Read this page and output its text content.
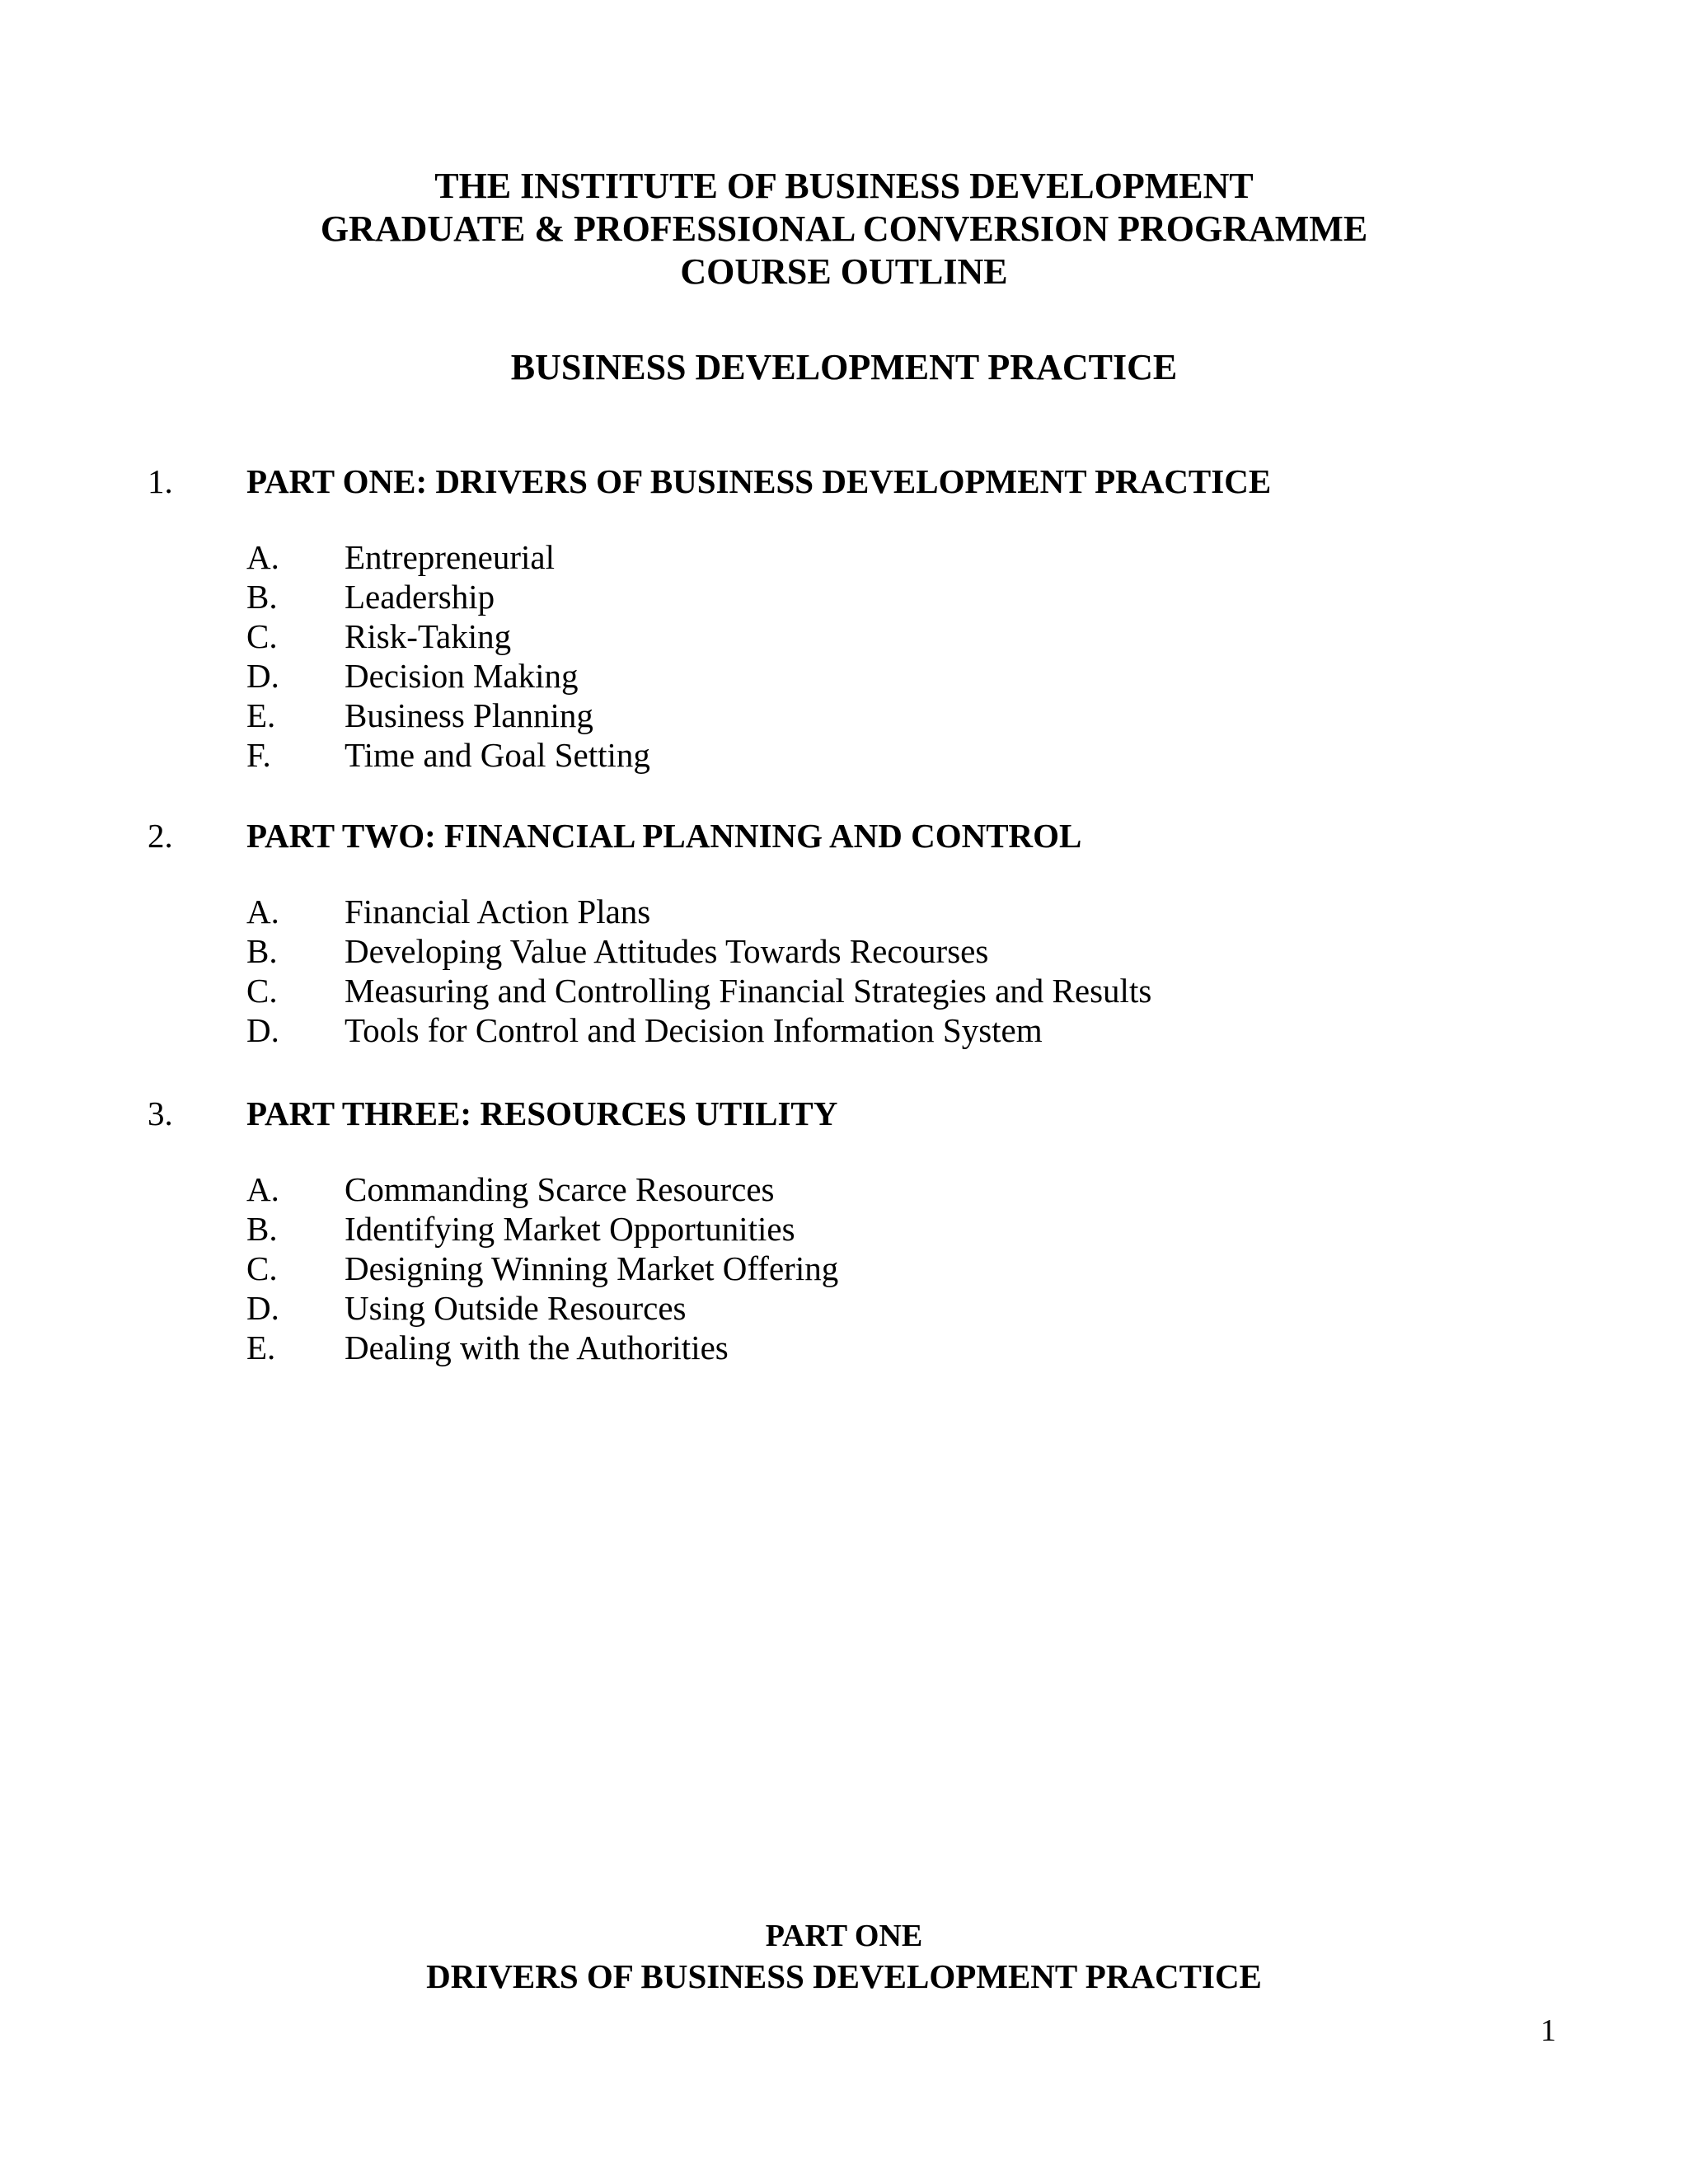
THE INSTITUTE OF BUSINESS DEVELOPMENT
GRADUATE & PROFESSIONAL CONVERSION PROGRAMME
COURSE OUTLINE
BUSINESS DEVELOPMENT PRACTICE
1. PART ONE: DRIVERS OF BUSINESS DEVELOPMENT PRACTICE
A. Entrepreneurial
B. Leadership
C. Risk-Taking
D. Decision Making
E. Business Planning
F. Time and Goal Setting
2. PART TWO: FINANCIAL PLANNING AND CONTROL
A. Financial Action Plans
B. Developing Value Attitudes Towards Recourses
C. Measuring and Controlling Financial Strategies and Results
D. Tools for Control and Decision Information System
3. PART THREE: RESOURCES UTILITY
A. Commanding Scarce Resources
B. Identifying Market Opportunities
C. Designing Winning Market Offering
D. Using Outside Resources
E. Dealing with the Authorities
PART ONE
DRIVERS OF BUSINESS DEVELOPMENT PRACTICE
1
